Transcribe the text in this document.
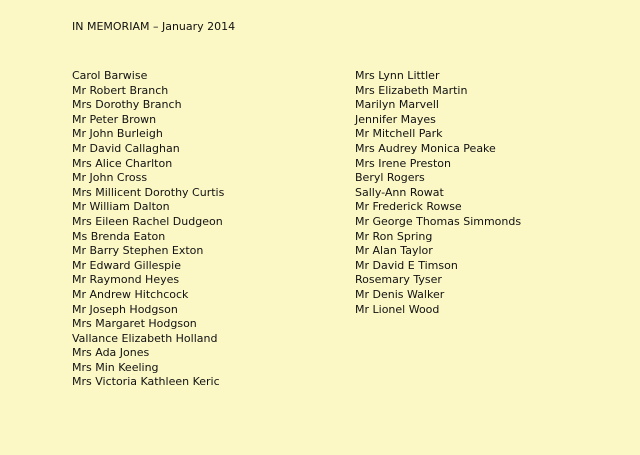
IN MEMORIAM – January 2014
Carol Barwise
Mr Robert Branch
Mrs Dorothy Branch
Mr Peter Brown
Mr John Burleigh
Mr David Callaghan
Mrs Alice Charlton
Mr John Cross
Mrs Millicent Dorothy Curtis
Mr William Dalton
Mrs Eileen Rachel Dudgeon
Ms Brenda Eaton
Mr Barry Stephen Exton
Mr Edward Gillespie
Mr Raymond Heyes
Mr Andrew Hitchcock
Mr Joseph Hodgson
Mrs Margaret Hodgson
Vallance Elizabeth Holland
Mrs Ada Jones
Mrs Min Keeling
Mrs Victoria Kathleen Keric
Mrs Lynn Littler
Mrs Elizabeth Martin
Marilyn Marvell
Jennifer Mayes
Mr Mitchell Park
Mrs Audrey Monica Peake
Mrs Irene Preston
Beryl Rogers
Sally-Ann Rowat
Mr Frederick Rowse
Mr George Thomas Simmonds
Mr Ron Spring
Mr Alan Taylor
Mr David E Timson
Rosemary Tyser
Mr Denis Walker
Mr Lionel Wood
